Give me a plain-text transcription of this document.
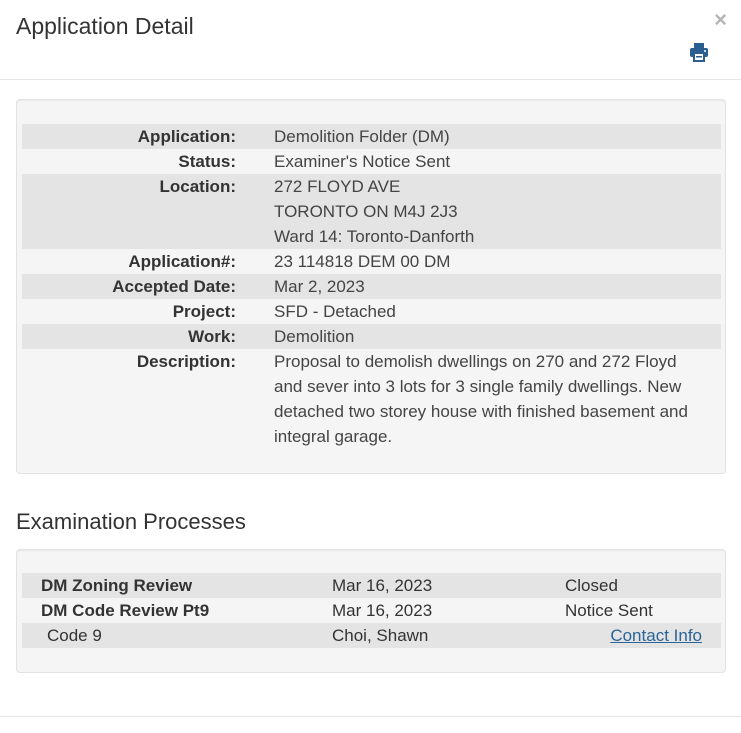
Application Detail	×
Application:		Demolition Folder (DM)

Status:		Examiner's Notice Sent

Location:		272 FLOYD AVE
TORONTO ON M4J 2J3
Ward 14: Toronto-Danforth

Application#:		23 114818 DEM 00 DM

Accepted Date:		Mar 2, 2023

Project:		SFD - Detached

Work:		Demolition

Description:		Proposal to demolish dwellings on 270 and 272 Floyd
and sever into 3 lots for 3 single family dwellings. New
detached two storey house with finished basement and
integral garage.
Examination Processes
DM Zoning Review	Mar 16, 2023	Closed
DM Code Review Pt9	Mar 16, 2023	Notice Sent
Code 9	Choi, Shawn	Contact Info
